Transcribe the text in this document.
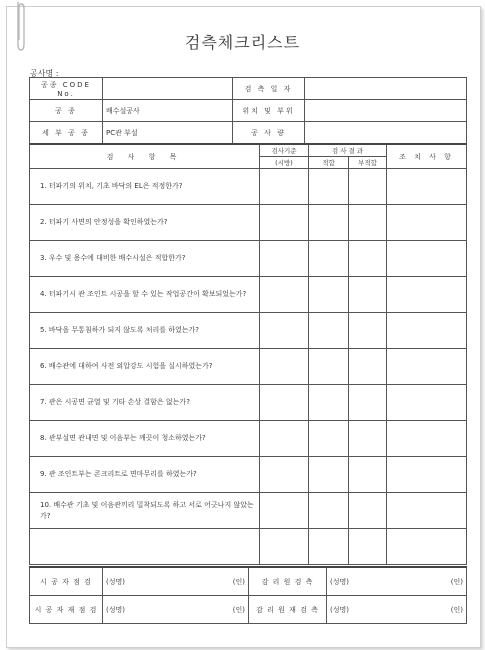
검측체크리스트
공사명 :
공종 CODE No.		검 측 일 자	
공 종	배수설공사	위치 및 부위	
세 부 공 종	PC관 부설	공 사 량	
검 사 항 목	검사기준	검 사 결 과		조 치 사 항
	(시방)	적합	부적합	
1. 터파기의 위치, 기초 바닥의 EL은 적정한가?				
2. 터파기 사면의 안정성을 확인하였는가?				
3. 우수 및 용수에 대비한 배수시설은 적합한가?				
4. 터파기시 관 조인트 시공을 할 수 있는 작업공간이 확보되었는가?				
5. 바닥을 무통침하가 되지 않도록 처리를 하였는가?				
6. 배수관에 대하여 사전 외압강도 시험을 실시하였는가?				
7. 관은 시공면 균열 및 기타 손상 결함은 없는가?				
8. 관부설면 관내면 및 이음부는 깨끗이 청소하였는가?				
9. 관 조인트부는 콘크리트로 면마무리를 하였는가?				
10. 배수관 기초 및 이음관끼리 밀착되도록 하고 서로 어긋나지 않았는가?				

시 공 자 점 검	(성명) (인)	감 리 원 검 측	(성명) (인)

시 공 자 재 점 검	(성명) (인)	감 리 원 재 검 측	(성명) (인)
